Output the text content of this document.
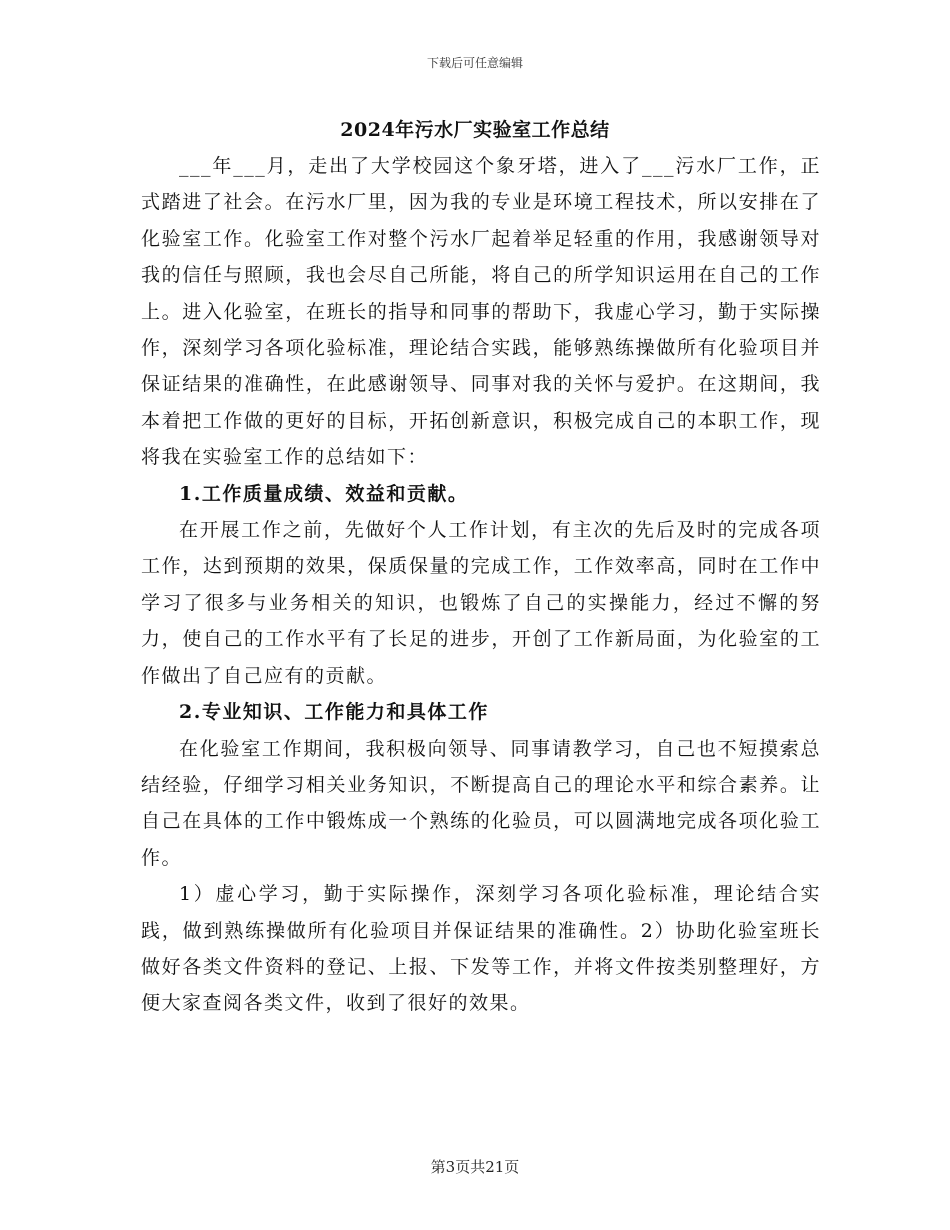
下载后可任意编辑
2024年污水厂实验室工作总结

___年___月，走出了大学校园这个象牙塔，进入了___污水厂工作，正式踏进了社会。在污水厂里，因为我的专业是环境工程技术，所以安排在了化验室工作。化验室工作对整个污水厂起着举足轻重的作用，我感谢领导对我的信任与照顾，我也会尽自己所能，将自己的所学知识运用在自己的工作上。进入化验室，在班长的指导和同事的帮助下，我虚心学习，勤于实际操作，深刻学习各项化验标准，理论结合实践，能够熟练操做所有化验项目并保证结果的准确性，在此感谢领导、同事对我的关怀与爱护。在这期间，我本着把工作做的更好的目标，开拓创新意识，积极完成自己的本职工作，现将我在实验室工作的总结如下：

1.工作质量成绩、效益和贡献。

在开展工作之前，先做好个人工作计划，有主次的先后及时的完成各项工作，达到预期的效果，保质保量的完成工作，工作效率高，同时在工作中学习了很多与业务相关的知识，也锻炼了自己的实操能力，经过不懈的努力，使自己的工作水平有了长足的进步，开创了工作新局面，为化验室的工作做出了自己应有的贡献。

2.专业知识、工作能力和具体工作

在化验室工作期间，我积极向领导、同事请教学习，自己也不短摸索总结经验，仔细学习相关业务知识，不断提高自己的理论水平和综合素养。让自己在具体的工作中锻炼成一个熟练的化验员，可以圆满地完成各项化验工作。

1）虚心学习，勤于实际操作，深刻学习各项化验标准，理论结合实践，做到熟练操做所有化验项目并保证结果的准确性。2）协助化验室班长做好各类文件资料的登记、上报、下发等工作，并将文件按类别整理好，方便大家查阅各类文件，收到了很好的效果。

第3页共21页
